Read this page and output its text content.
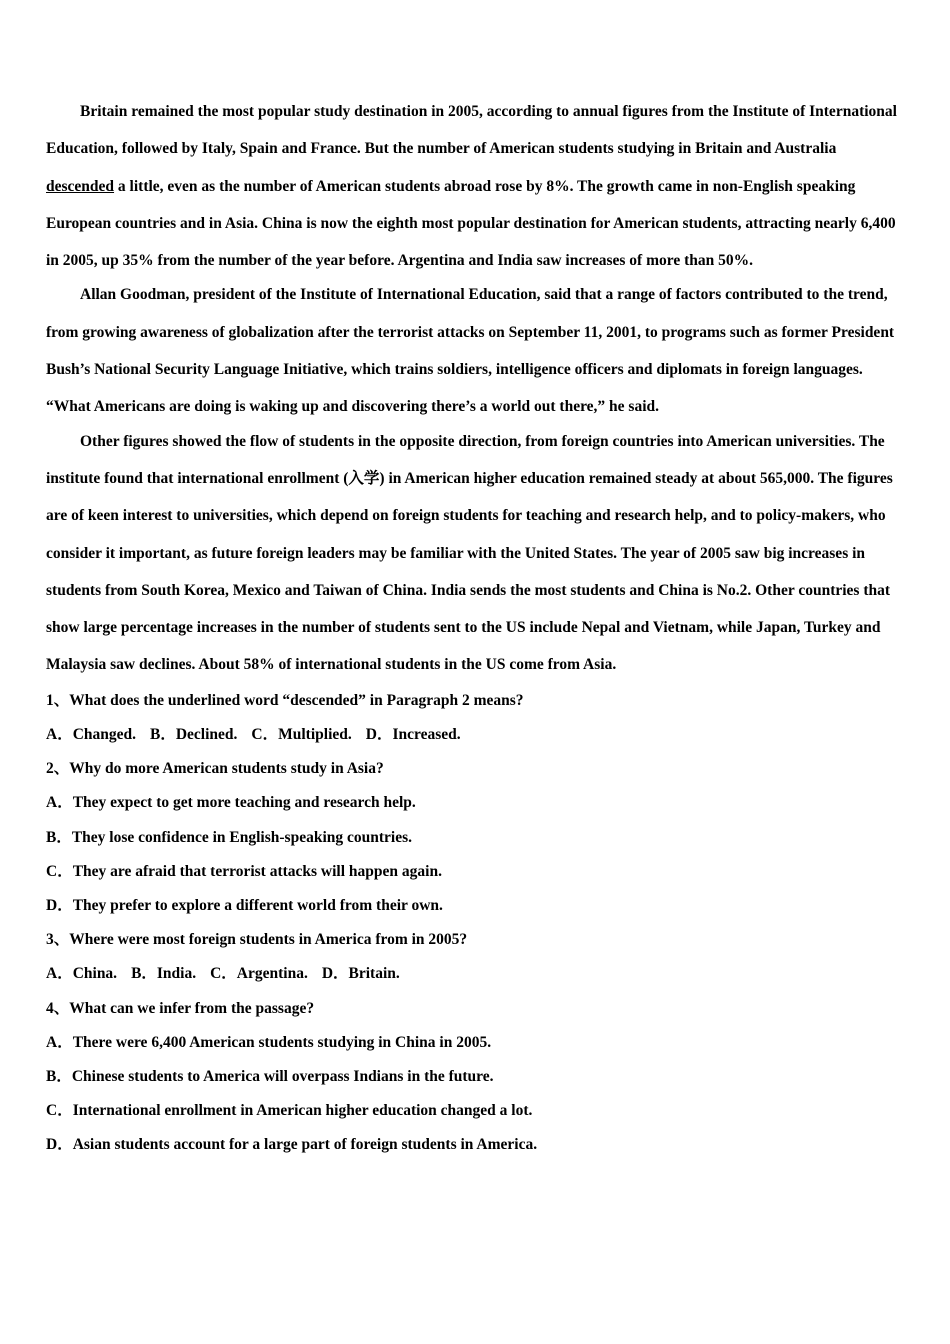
Britain remained the most popular study destination in 2005, according to annual figures from the Institute of International Education, followed by Italy, Spain and France. But the number of American students studying in Britain and Australia descended a little, even as the number of American students abroad rose by 8%. The growth came in non-English speaking European countries and in Asia. China is now the eighth most popular destination for American students, attracting nearly 6,400 in 2005, up 35% from the number of the year before. Argentina and India saw increases of more than 50%.

Allan Goodman, president of the Institute of International Education, said that a range of factors contributed to the trend, from growing awareness of globalization after the terrorist attacks on September 11, 2001, to programs such as former President Bush’s National Security Language Initiative, which trains soldiers, intelligence officers and diplomats in foreign languages. “What Americans are doing is waking up and discovering there’s a world out there,” he said.

Other figures showed the flow of students in the opposite direction, from foreign countries into American universities. The institute found that international enrollment (入学) in American higher education remained steady at about 565,000. The figures are of keen interest to universities, which depend on foreign students for teaching and research help, and to policy-makers, who consider it important, as future foreign leaders may be familiar with the United States. The year of 2005 saw big increases in students from South Korea, Mexico and Taiwan of China. India sends the most students and China is No.2. Other countries that show large percentage increases in the number of students sent to the US include Nepal and Vietnam, while Japan, Turkey and Malaysia saw declines. About 58% of international students in the US come from Asia.

1、What does the underlined word “descended” in Paragraph 2 means?

A．Changed. B．Declined. C．Multiplied. D．Increased.

2、Why do more American students study in Asia?

A．They expect to get more teaching and research help.

B．They lose confidence in English-speaking countries.

C．They are afraid that terrorist attacks will happen again.

D．They prefer to explore a different world from their own.

3、Where were most foreign students in America from in 2005?

A．China. B．India. C．Argentina. D．Britain.

4、What can we infer from the passage?

A．There were 6,400 American students studying in China in 2005.

B．Chinese students to America will overpass Indians in the future.

C．International enrollment in American higher education changed a lot.

D．Asian students account for a large part of foreign students in America.
